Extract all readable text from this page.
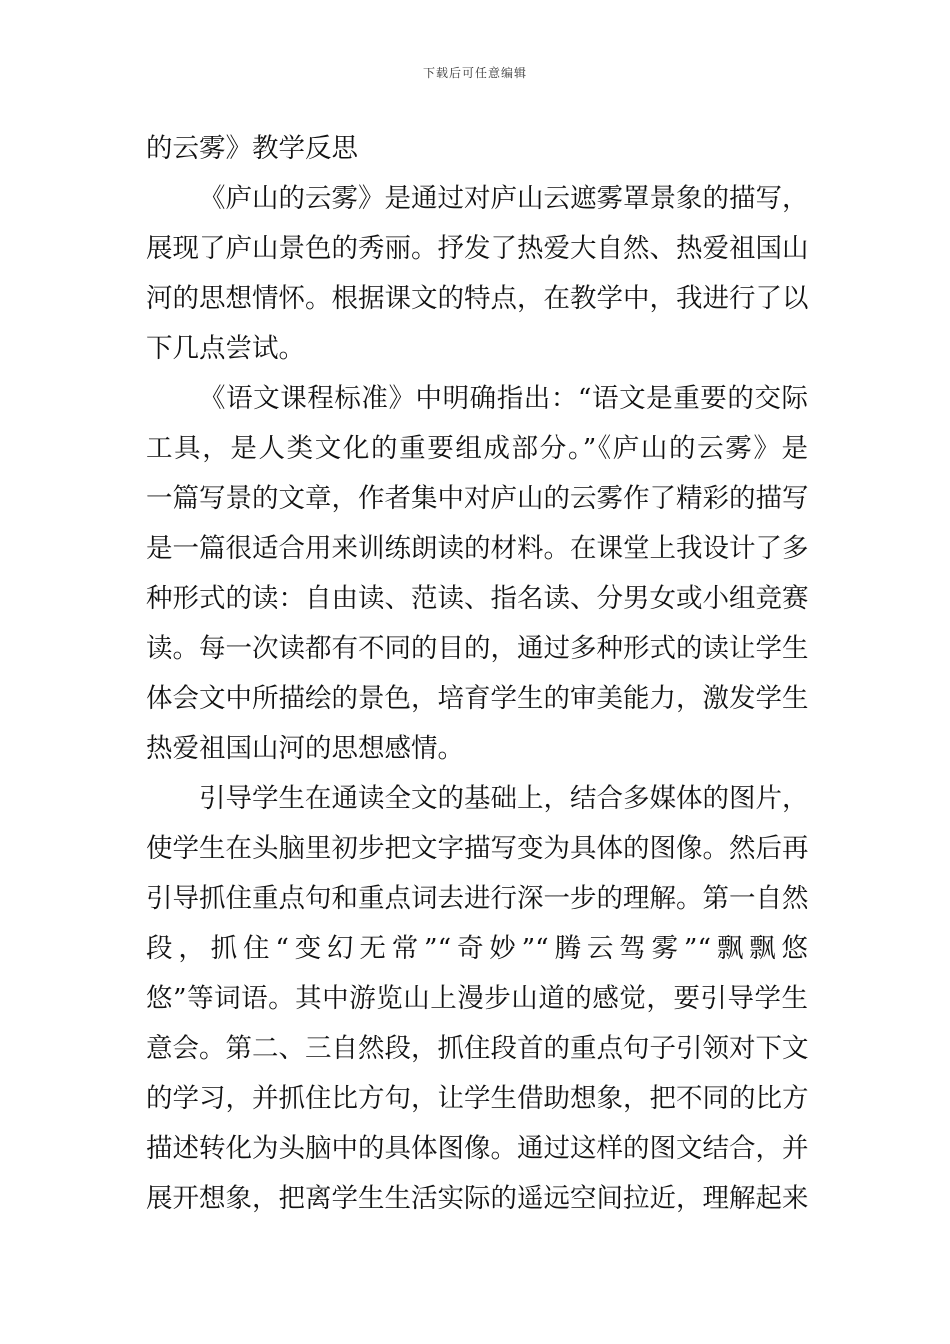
下载后可任意编辑
的云雾》教学反思
《庐山的云雾》是通过对庐山云遮雾罩景象的描写，
展现了庐山景色的秀丽。抒发了热爱大自然、热爱祖国山
河的思想情怀。根据课文的特点，在教学中，我进行了以
下几点尝试。
《语文课程标准》中明确指出：“语文是重要的交际
工具，是人类文化的重要组成部分。”《庐山的云雾》是
一篇写景的文章，作者集中对庐山的云雾作了精彩的描写
是一篇很适合用来训练朗读的材料。在课堂上我设计了多
种形式的读：自由读、范读、指名读、分男女或小组竞赛
读。每一次读都有不同的目的，通过多种形式的读让学生
体会文中所描绘的景色，培育学生的审美能力，激发学生
热爱祖国山河的思想感情。
引导学生在通读全文的基础上，结合多媒体的图片，
使学生在头脑里初步把文字描写变为具体的图像。然后再
引导抓住重点句和重点词去进行深一步的理解。第一自然
段，抓住“变幻无常”“奇妙”“腾云驾雾”“飘飘悠
悠”等词语。其中游览山上漫步山道的感觉，要引导学生
意会。第二、三自然段，抓住段首的重点句子引领对下文
的学习，并抓住比方句，让学生借助想象，把不同的比方
描述转化为头脑中的具体图像。通过这样的图文结合，并
展开想象，把离学生生活实际的遥远空间拉近，理解起来
